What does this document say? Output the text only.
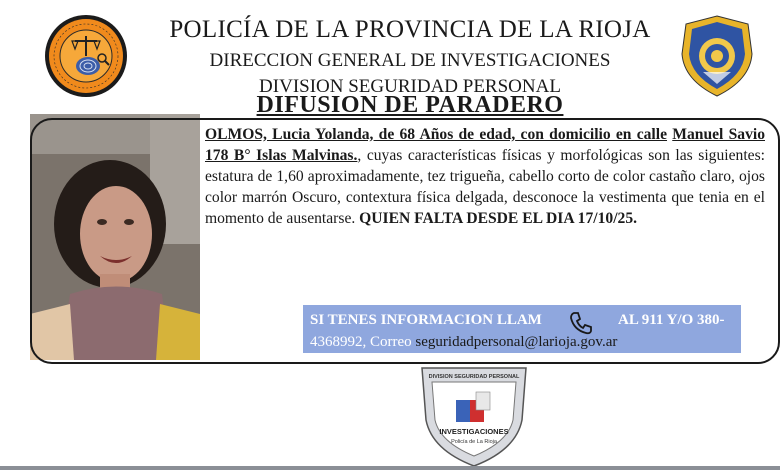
POLICÍA DE LA PROVINCIA DE LA RIOJA
DIRECCION GENERAL DE INVESTIGACIONES
DIVISION SEGURIDAD PERSONAL
DIFUSION DE PARADERO
OLMOS, Lucia Yolanda, de 68 Años de edad, con domicilio en calle Manuel Savio 178 B° Islas Malvinas., cuyas características físicas y morfológicas son las siguientes: estatura de 1,60 aproximadamente, tez trigueña, cabello corto de color castaño claro, ojos color marrón Oscuro, contextura física delgada, desconoce la vestimenta que tenia en el momento de ausentarse. QUIEN FALTA DESDE EL DIA 17/10/25.
SI TENES INFORMACION LLAM	AL 911 Y/O 380-
4368992, Correo seguridadpersonal@larioja.gov.ar
DIVISION SEGURIDAD PERSONAL
INVESTIGACIONES
Policía de La Rioja
